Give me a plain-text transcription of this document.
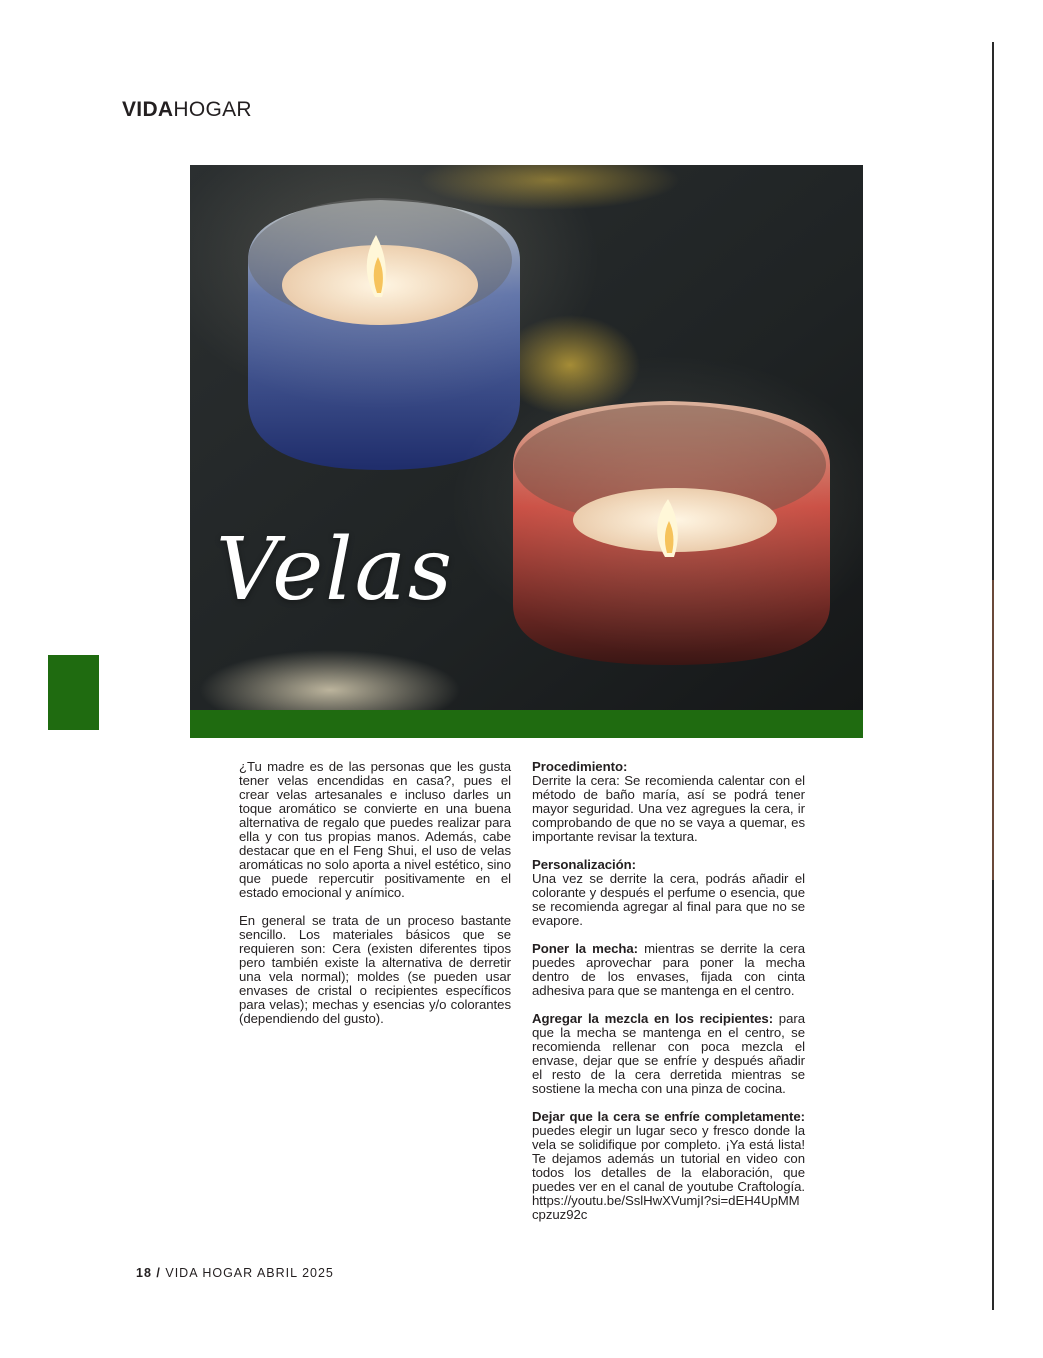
VIDAHOGAR
Velas

¿Tu madre es de las personas que les gusta tener velas encendidas en casa?, pues el crear velas artesanales e incluso darles un toque aromático se convierte en una buena alternativa de regalo que puedes realizar para ella y con tus propias manos. Además, cabe destacar que en el Feng Shui, el uso de velas aromáticas no solo aporta a nivel estético, sino que puede repercutir positivamente en el estado emocional y anímico.

En general se trata de un proceso bastante sencillo. Los materiales básicos que se requieren son: Cera (existen diferentes tipos pero también existe la alternativa de derretir una vela normal); moldes (se pueden usar envases de cristal o recipientes específicos para velas); mechas y esencias y/o colorantes (dependiendo del gusto).

Procedimiento:
Derrite la cera: Se recomienda calentar con el método de baño maría, así se podrá tener mayor seguridad. Una vez agregues la cera, ir comprobando de que no se vaya a quemar, es importante revisar la textura.

Personalización:
Una vez se derrite la cera, podrás añadir el colorante y después el perfume o esencia, que se recomienda agregar al final para que no se evapore.

Poner la mecha: mientras se derrite la cera puedes aprovechar para poner la mecha dentro de los envases, fijada con cinta adhesiva para que se mantenga en el centro.

Agregar la mezcla en los recipientes: para que la mecha se mantenga en el centro, se recomienda rellenar con poca mezcla el envase, dejar que se enfríe y después añadir el resto de la cera derretida mientras se sostiene la mecha con una pinza de cocina.

Dejar que la cera se enfríe completamente: puedes elegir un lugar seco y fresco donde la vela se solidifique por completo. ¡Ya está lista! Te dejamos además un tutorial en video con todos los detalles de la elaboración, que puedes ver en el canal de youtube Craftología. https://youtu.be/SslHwXVumjI?si=dEH4UpMMcpzuz92c

18 / VIDA HOGAR ABRIL 2025
